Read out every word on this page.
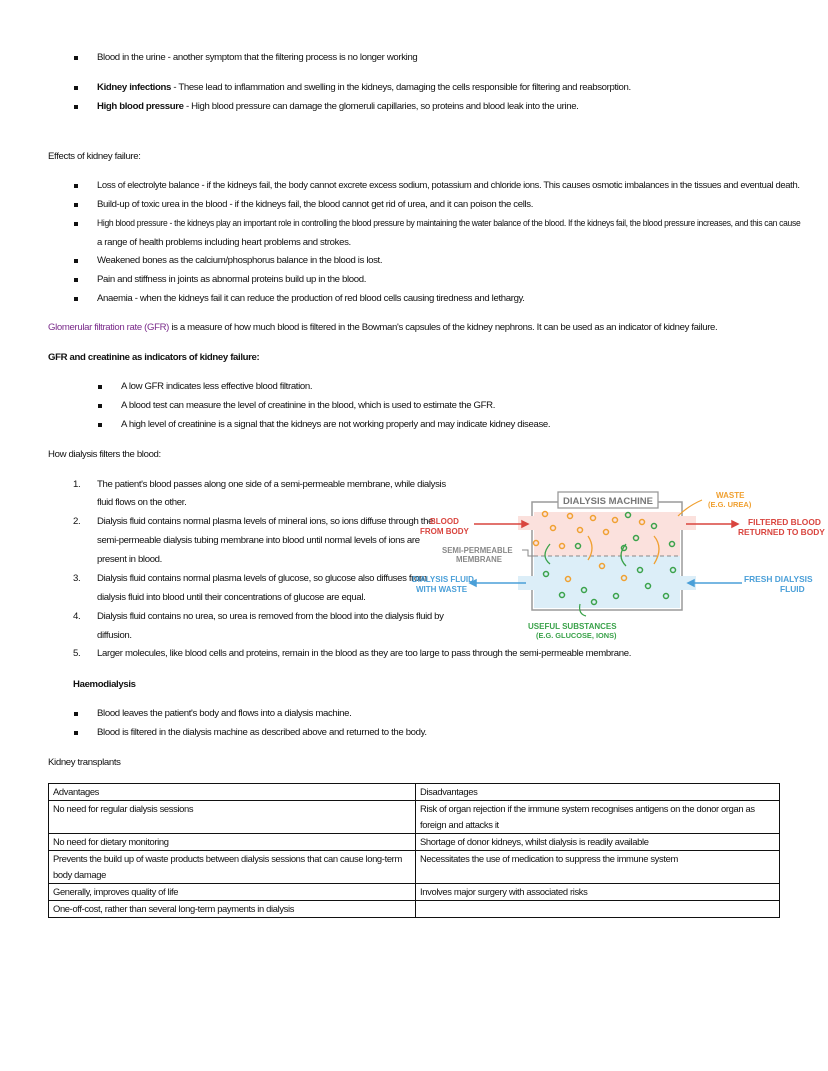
Blood in the urine - another symptom that the filtering process is no longer working
Kidney infections - These lead to inflammation and swelling in the kidneys, damaging the cells responsible for filtering and reabsorption.
High blood pressure - High blood pressure can damage the glomeruli capillaries, so proteins and blood leak into the urine.
Effects of kidney failure:
Loss of electrolyte balance - if the kidneys fail, the body cannot excrete excess sodium, potassium and chloride ions. This causes osmotic imbalances in the tissues and eventual death.
Build-up of toxic urea in the blood - if the kidneys fail, the blood cannot get rid of urea, and it can poison the cells.
High blood pressure - the kidneys play an important role in controlling the blood pressure by maintaining the water balance of the blood. If the kidneys fail, the blood pressure increases, and this can cause
a range of health problems including heart problems and strokes.
Weakened bones as the calcium/phosphorus balance in the blood is lost.
Pain and stiffness in joints as abnormal proteins build up in the blood.
Anaemia - when the kidneys fail it can reduce the production of red blood cells causing tiredness and lethargy.
Glomerular filtration rate (GFR) is a measure of how much blood is filtered in the Bowman's capsules of the kidney nephrons. It can be used as an indicator of kidney failure.
GFR and creatinine as indicators of kidney failure:
A low GFR indicates less effective blood filtration.
A blood test can measure the level of creatinine in the blood, which is used to estimate the GFR.
A high level of creatinine is a signal that the kidneys are not working properly and may indicate kidney disease.
How dialysis filters the blood:
1. The patient's blood passes along one side of a semi-permeable membrane, while dialysis
fluid flows on the other.
2. Dialysis fluid contains normal plasma levels of mineral ions, so ions diffuse through the
semi-permeable dialysis tubing membrane into blood until normal levels of ions are
present in blood.
3. Dialysis fluid contains normal plasma levels of glucose, so glucose also diffuses from
dialysis fluid into blood until their concentrations of glucose are equal.
4. Dialysis fluid contains no urea, so urea is removed from the blood into the dialysis fluid by
diffusion.
5. Larger molecules, like blood cells and proteins, remain in the blood as they are too large to pass through the semi-permeable membrane.
DIALYSIS MACHINE
WASTE
(E.G. UREA)
BLOOD
FROM BODY
FILTERED BLOOD
RETURNED TO BODY
SEMI-PERMEABLE
MEMBRANE
DIALYSIS FLUID
WITH WASTE
FRESH DIALYSIS
FLUID
USEFUL SUBSTANCES
(E.G. GLUCOSE, IONS)
Haemodialysis
Blood leaves the patient's body and flows into a dialysis machine.
Blood is filtered in the dialysis machine as described above and returned to the body.
Kidney transplants
Advantages	Disadvantages
No need for regular dialysis sessions	Risk of organ rejection if the immune system recognises antigens on the donor organ as foreign and attacks it
No need for dietary monitoring	Shortage of donor kidneys, whilst dialysis is readily available
Prevents the build up of waste products between dialysis sessions that can cause long-term body damage	Necessitates the use of medication to suppress the immune system
Generally, improves quality of life	Involves major surgery with associated risks
One-off-cost, rather than several long-term payments in dialysis	
